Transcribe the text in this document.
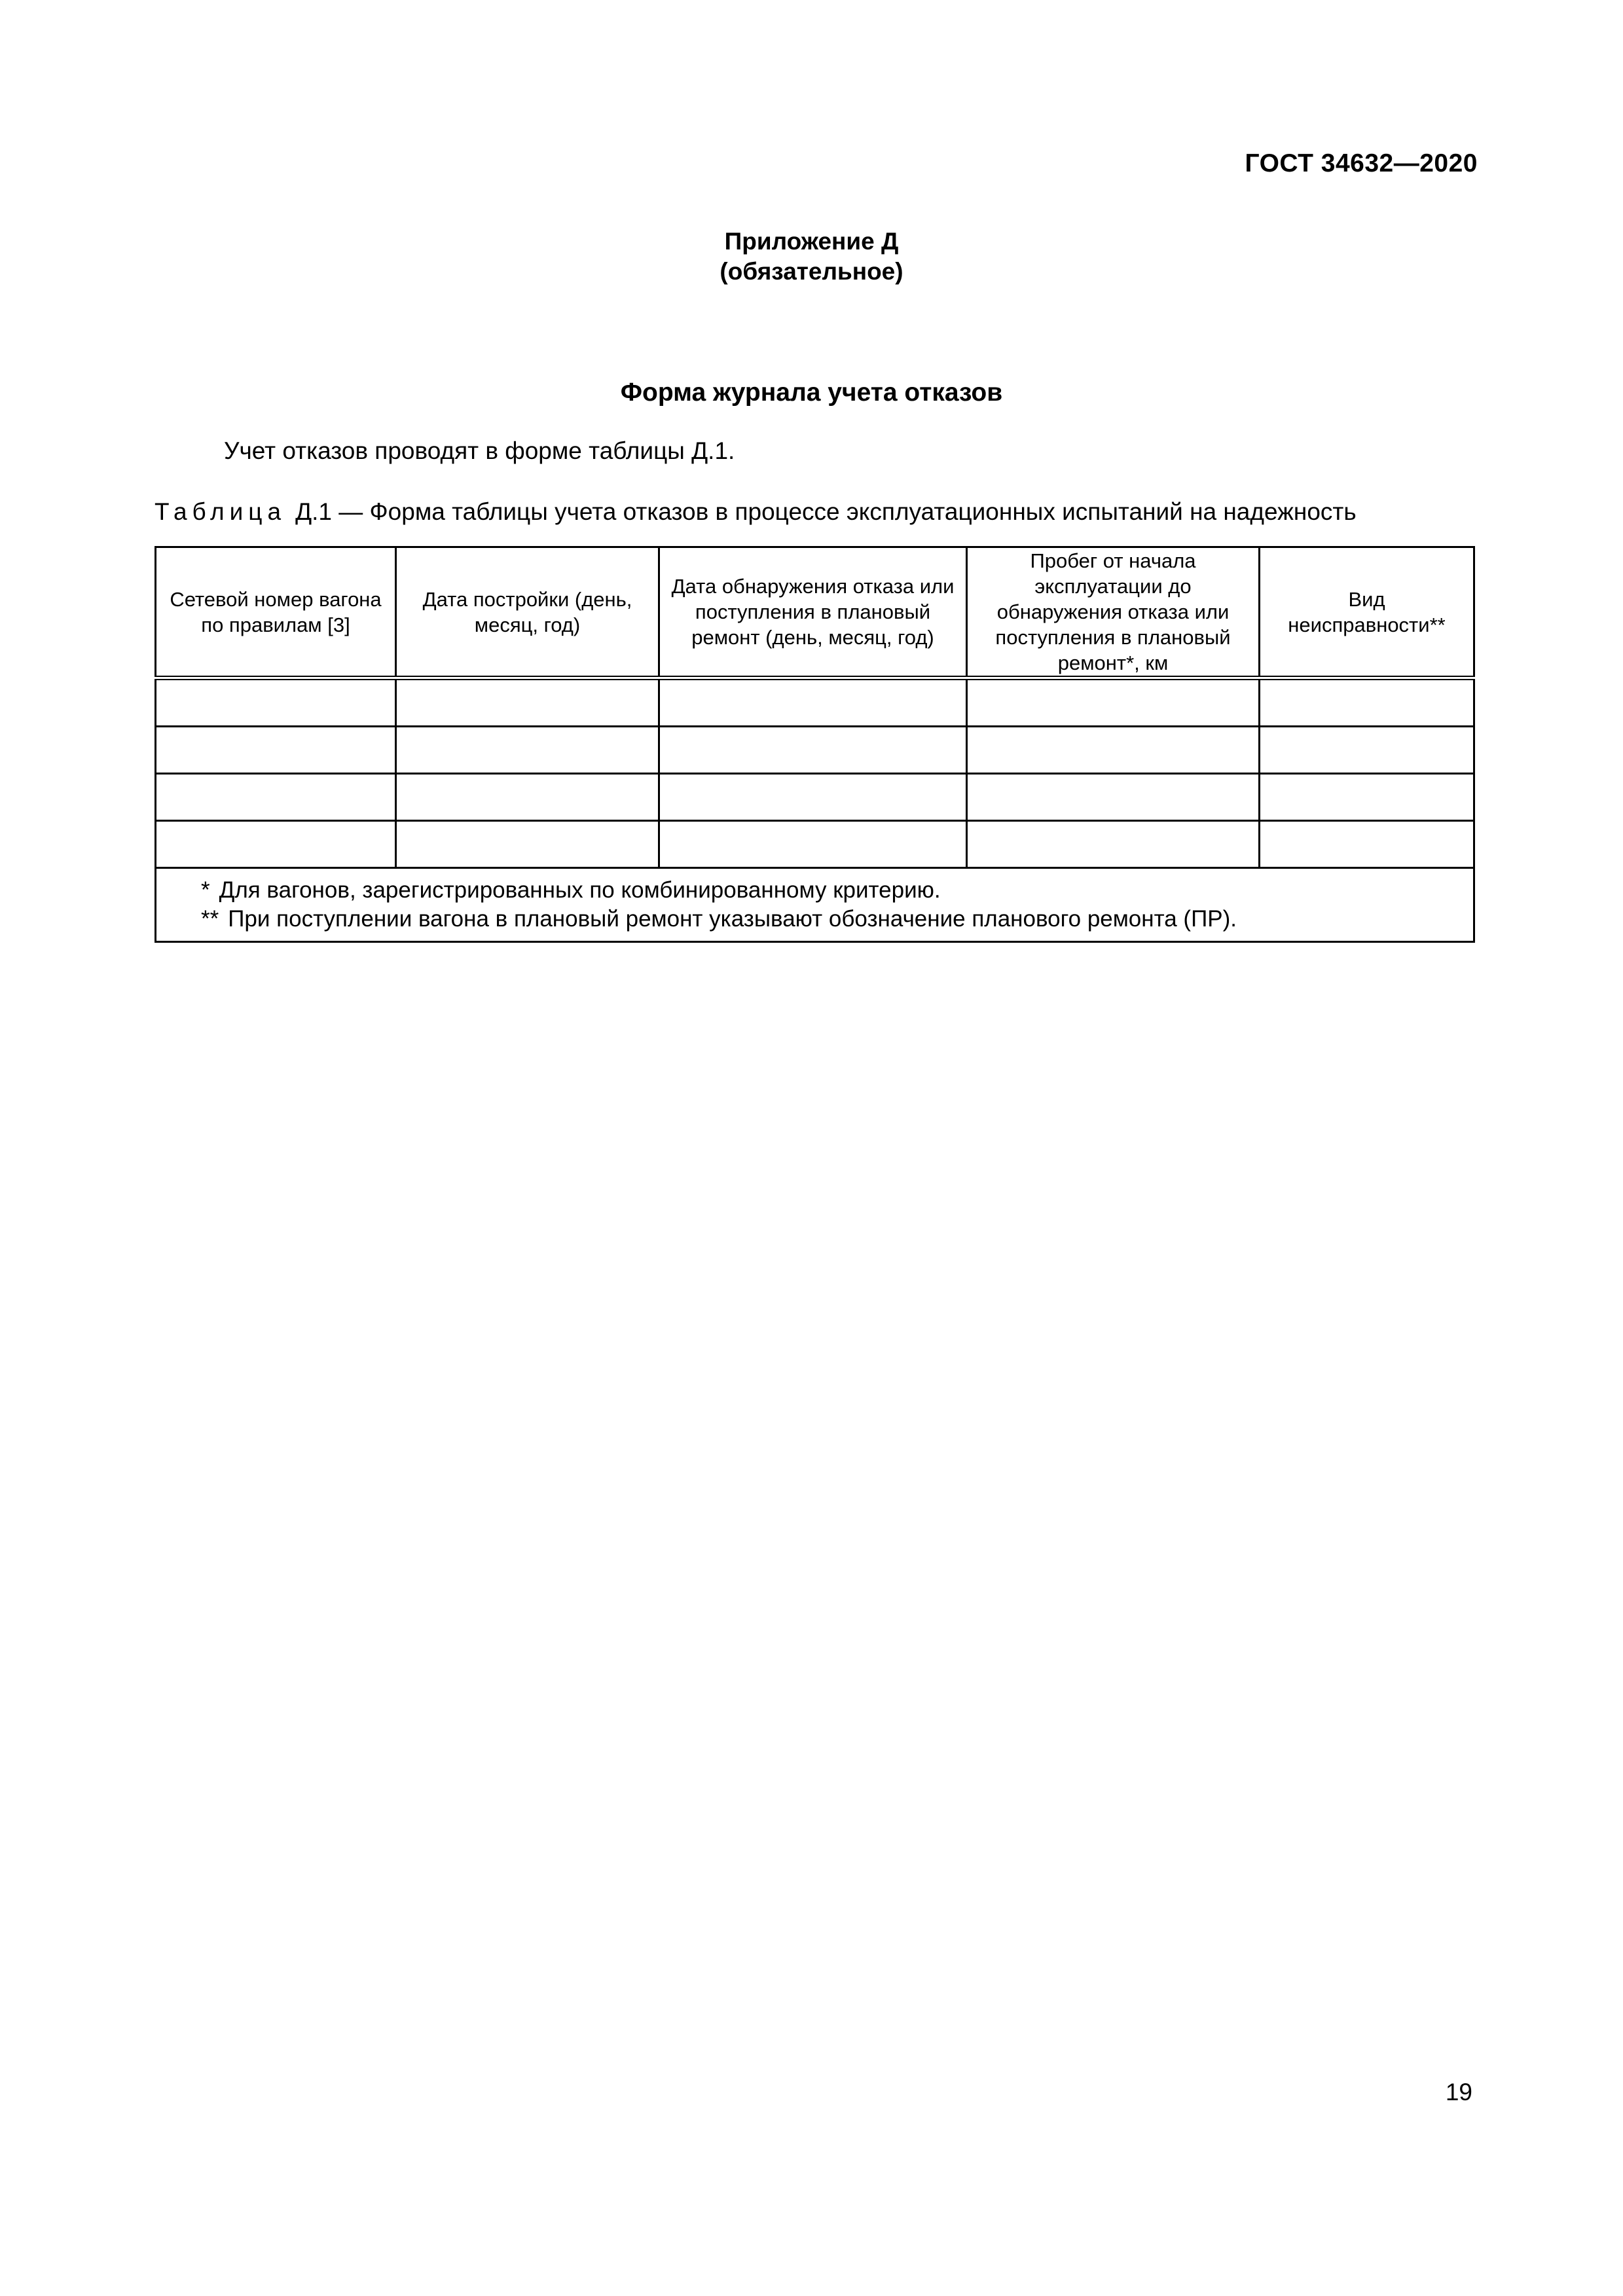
ГОСТ 34632—2020
Приложение Д
(обязательное)
Форма журнала учета отказов
Учет отказов проводят в форме таблицы Д.1.
Таблица Д.1 — Форма таблицы учета отказов в процессе эксплуатационных испытаний на надежность
Сетевой номер вагона по правилам [3]	Дата постройки (день, месяц, год)	Дата обнаружения отказа или поступления в плановый ремонт (день, месяц, год)	Пробег от начала эксплуатации до обнаружения отказа или поступления в плановый ремонт*, км	Вид неисправности**

* Для вагонов, зарегистрированных по комбинированному критерию.
** При поступлении вагона в плановый ремонт указывают обозначение планового ремонта (ПР).				
19
